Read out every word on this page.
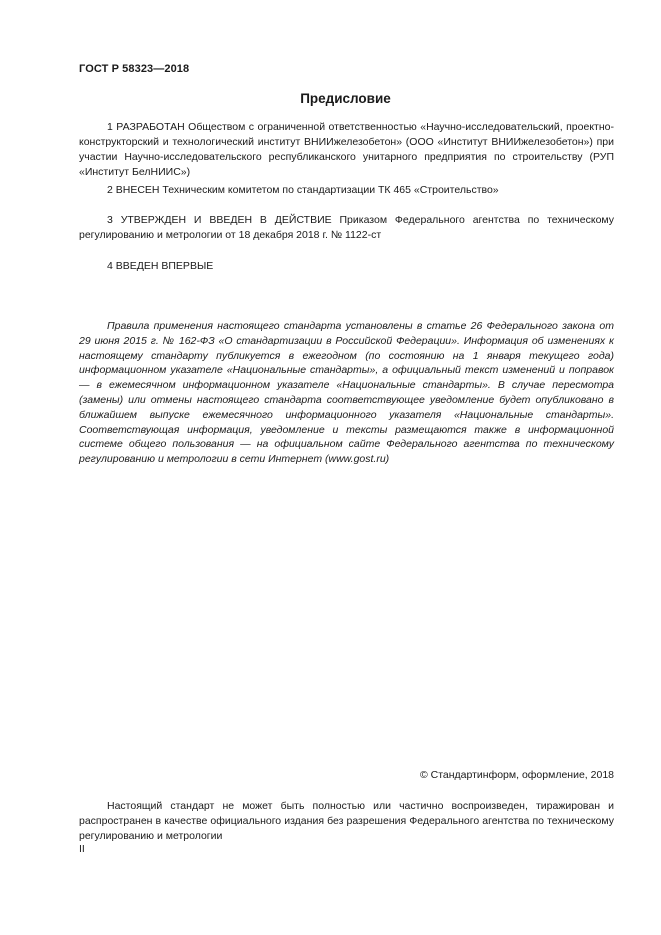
ГОСТ Р 58323—2018
Предисловие

1 РАЗРАБОТАН Обществом с ограниченной ответственностью «Научно-исследовательский, проектно-конструкторский и технологический институт ВНИИжелезобетон» (ООО «Институт ВНИИжелезобетон») при участии Научно-исследовательского республиканского унитарного предприятия по строительству (РУП «Институт БелНИИС»)

2 ВНЕСЕН Техническим комитетом по стандартизации ТК 465 «Строительство»

3 УТВЕРЖДЕН И ВВЕДЕН В ДЕЙСТВИЕ Приказом Федерального агентства по техническому регулированию и метрологии от 18 декабря 2018 г. № 1122-ст

4 ВВЕДЕН ВПЕРВЫЕ

Правила применения настоящего стандарта установлены в статье 26 Федерального закона от 29 июня 2015 г. № 162-ФЗ «О стандартизации в Российской Федерации». Информация об изменениях к настоящему стандарту публикуется в ежегодном (по состоянию на 1 января текущего года) информационном указателе «Национальные стандарты», а официальный текст изменений и поправок — в ежемесячном информационном указателе «Национальные стандарты». В случае пересмотра (замены) или отмены настоящего стандарта соответствующее уведомление будет опубликовано в ближайшем выпуске ежемесячного информационного указателя «Национальные стандарты». Соответствующая информация, уведомление и тексты размещаются также в информационной системе общего пользования — на официальном сайте Федерального агентства по техническому регулированию и метрологии в сети Интернет (www.gost.ru)

© Стандартинформ, оформление, 2018

Настоящий стандарт не может быть полностью или частично воспроизведен, тиражирован и распространен в качестве официального издания без разрешения Федерального агентства по техническому регулированию и метрологии

II
